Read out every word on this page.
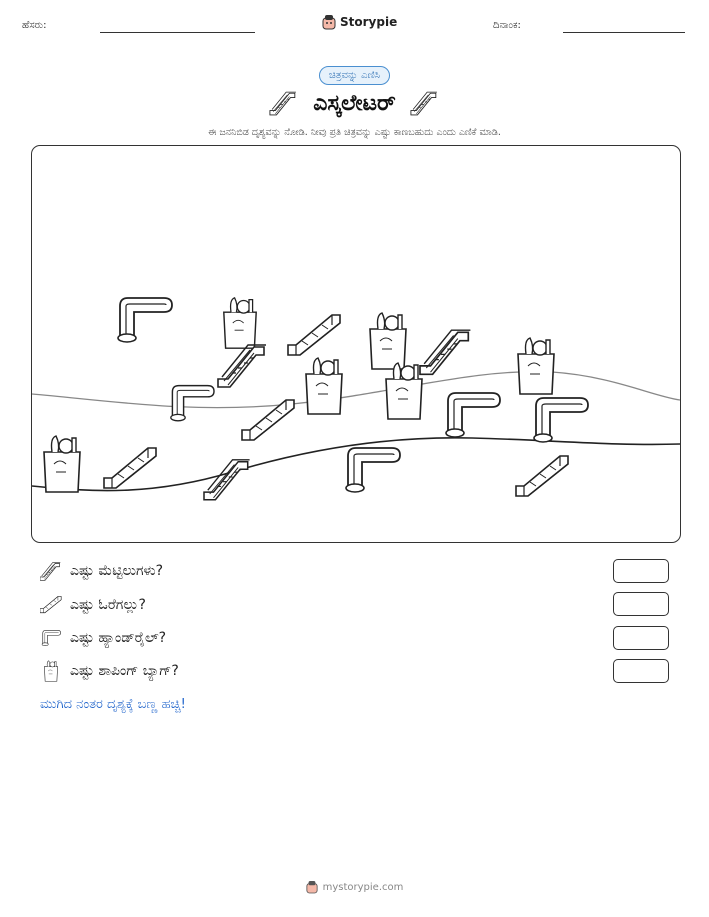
ಹೆಸರು:	Storypie	ದಿನಾಂಕ:
ಚಿತ್ರವನ್ನು ಎಣಿಸಿ
ಎಸ್ಕಲೇಟರ್
ಈ ಜನನಿಬಿಡ ದೃಶ್ಯವನ್ನು ನೋಡಿ. ನೀವು ಪ್ರತಿ ಚಿತ್ರವನ್ನು ಎಷ್ಟು ಕಾಣಬಹುದು ಎಂದು ಎಣಿಕೆ ಮಾಡಿ.
ಎಷ್ಟು ಮೆಟ್ಟಿಲುಗಳು?
ಎಷ್ಟು ಓರೆಗಲ್ಲು?
ಎಷ್ಟು ಹ್ಯಾಂಡ್‌ರೈಲ್?
ಎಷ್ಟು ಶಾಪಿಂಗ್ ಬ್ಯಾಗ್?
ಮುಗಿದ ನಂತರ ದೃಶ್ಯಕ್ಕೆ ಬಣ್ಣ ಹಚ್ಚಿ!
mystorypie.com
